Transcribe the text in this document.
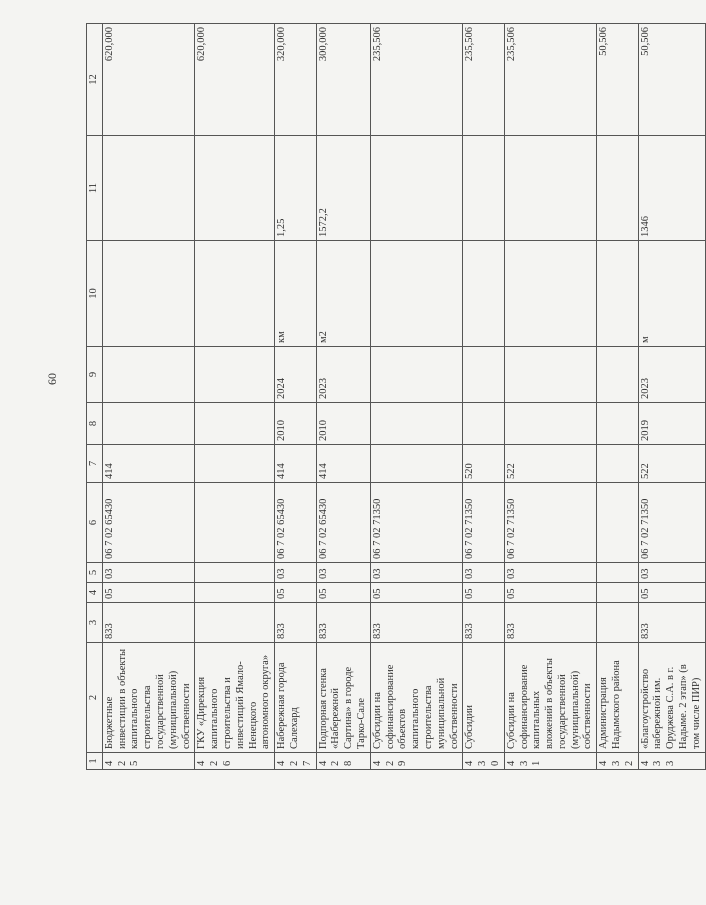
60
1	2	3	4	5	6	7	8	9	10	11	12
425	Бюджетные инвестиции в объекты капитального строительства государственной (муниципальной) собственности	833	05	03	06 7 02 65430	414					620,000
426	ГКУ «Дирекция капитального строительства и инвестиций Ямало-Ненецкого автономного округа»										620,000
427	Набережная города Салехард	833	05	03	06 7 02 65430	414	2010	2024	км	1,25	320,000
428	Подпорная стенка «Набережной Сартина» в городе Тарко-Сале	833	05	03	06 7 02 65430	414	2010	2023	м2	1572,2	300,000
429	Субсидии на софинансирование объектов капитального строительства муниципальной собственности	833	05	03	06 7 02 71350						235,506
430	Субсидии	833	05	03	06 7 02 71350	520					235,506
431	Субсидии на софинансирование капитальных вложений в объекты государственной (муниципальной) собственности	833	05	03	06 7 02 71350	522					235,506
432	Администрация Надымского района										50,506
433	«Благоустройство набережной им. Оруджева С.А. в г. Надыме. 2 этап» (в том числе ПИР)	833	05	03	06 7 02 71350	522	2019	2023	м	1346	50,506
